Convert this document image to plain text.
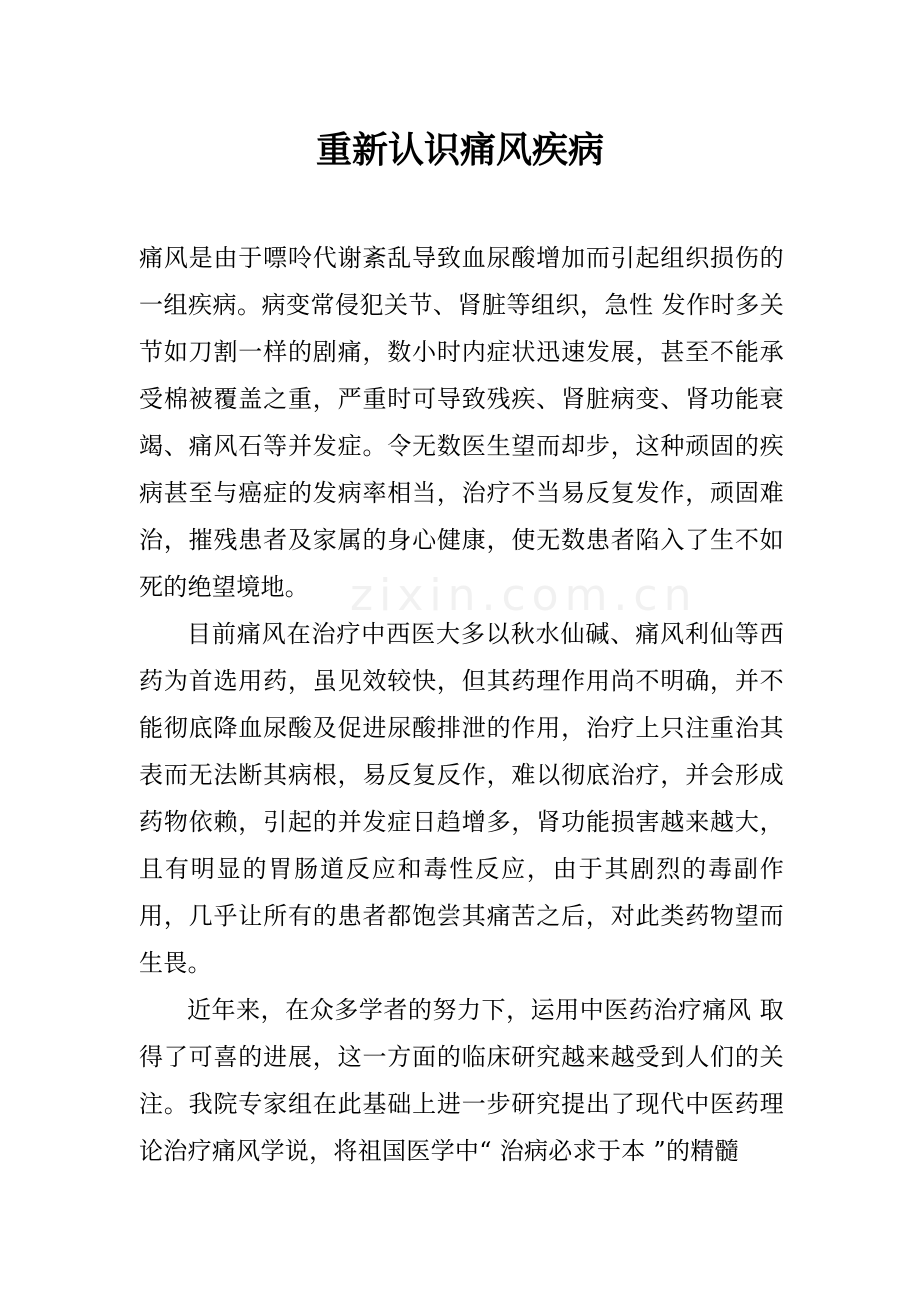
重新认识痛风疾病
zixin.com.cn

痛风是由于嘌呤代谢紊乱导致血尿酸增加而引起组织损伤的一组疾病。病变常侵犯关节、肾脏等组织，急性 发作时多关节如刀割一样的剧痛，数小时内症状迅速发展，甚至不能承受棉被覆盖之重，严重时可导致残疾、肾脏病变、肾功能衰竭、痛风石等并发症。令无数医生望而却步，这种顽固的疾病甚至与癌症的发病率相当，治疗不当易反复发作，顽固难治，摧残患者及家属的身心健康，使无数患者陷入了生不如死的绝望境地。

目前痛风在治疗中西医大多以秋水仙碱、痛风利仙等西药为首选用药，虽见效较快，但其药理作用尚不明确，并不能彻底降血尿酸及促进尿酸排泄的作用，治疗上只注重治其表而无法断其病根，易反复反作，难以彻底治疗，并会形成药物依赖，引起的并发症日趋增多，肾功能损害越来越大，且有明显的胃肠道反应和毒性反应，由于其剧烈的毒副作用，几乎让所有的患者都饱尝其痛苦之后，对此类药物望而生畏。

近年来，在众多学者的努力下，运用中医药治疗痛风 取得了可喜的进展，这一方面的临床研究越来越受到人们的关注。我院专家组在此基础上进一步研究提出了现代中医药理论治疗痛风学说，将祖国医学中“ 治病必求于本 ”的精髓
